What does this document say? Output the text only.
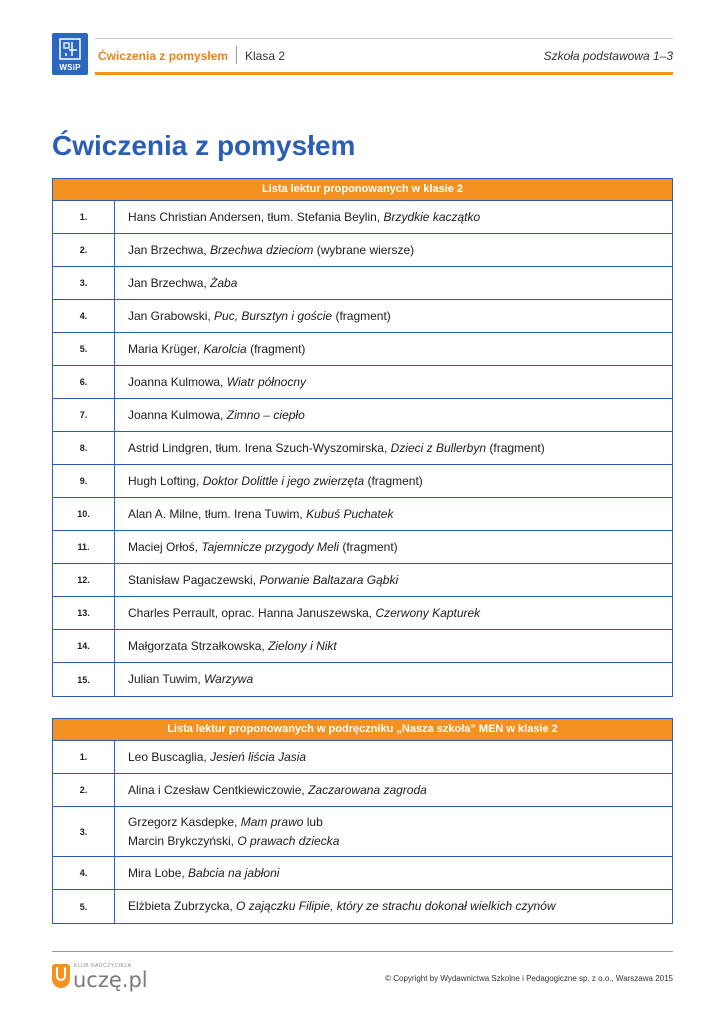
WSiP
Ćwiczenia z pomysłem Klasa 2	Szkoła podstawowa 1–3
Ćwiczenia z pomysłem
Lista lektur proponowanych w klasie 2
1.	Hans Christian Andersen, tłum. Stefania Beylin, Brzydkie kaczątko
2.	Jan Brzechwa, Brzechwa dzieciom (wybrane wiersze)
3.	Jan Brzechwa, Żaba
4.	Jan Grabowski, Puc, Bursztyn i goście (fragment)
5.	Maria Krüger, Karolcia (fragment)
6.	Joanna Kulmowa, Wiatr północny
7.	Joanna Kulmowa, Zimno – ciepło
8.	Astrid Lindgren, tłum. Irena Szuch-Wyszomirska, Dzieci z Bullerbyn (fragment)
9.	Hugh Lofting, Doktor Dolittle i jego zwierzęta (fragment)
10.	Alan A. Milne, tłum. Irena Tuwim, Kubuś Puchatek
11.	Maciej Orłoś, Tajemnicze przygody Meli (fragment)
12.	Stanisław Pagaczewski, Porwanie Baltazara Gąbki
13.	Charles Perrault, oprac. Hanna Januszewska, Czerwony Kapturek
14.	Małgorzata Strzałkowska, Zielony i Nikt
15.	Julian Tuwim, Warzywa
Lista lektur proponowanych w podręczniku „Nasza szkoła” MEN w klasie 2
1.	Leo Buscaglia, Jesień liścia Jasia
2.	Alina i Czesław Centkiewiczowie, Zaczarowana zagroda
3.
Grzegorz Kasdepke, Mam prawo lub
Marcin Brykczyński, O prawach dziecka
4.	Mira Lobe, Babcia na jabłoni
5.	Elżbieta Zubrzycka, O zajączku Filipie, który ze strachu dokonał wielkich czynów
KLUB NAUCZYCIELA
uczę.pl	© Copyright by Wydawnictwa Szkolne i Pedagogiczne sp. z o.o., Warszawa 2015
